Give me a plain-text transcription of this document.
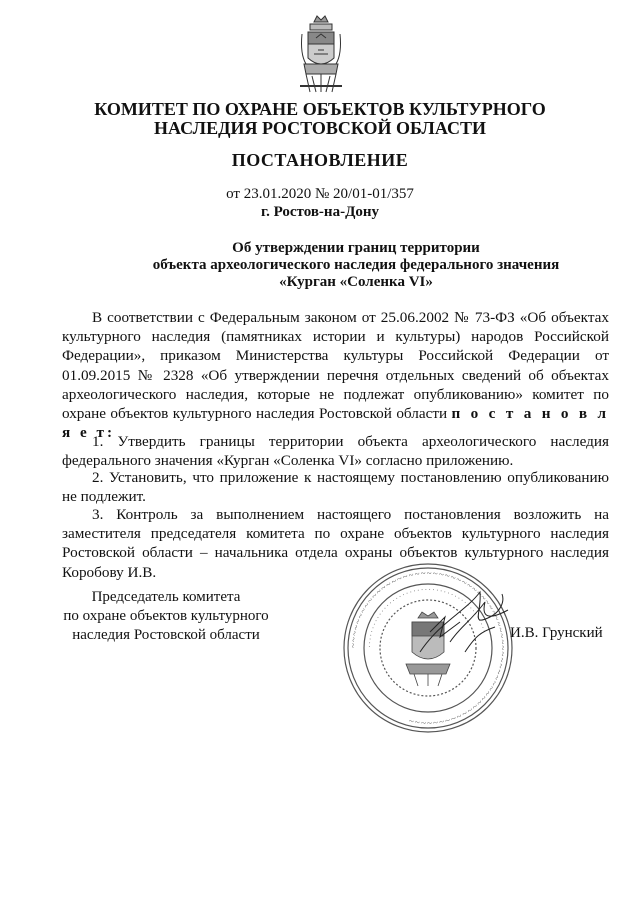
КОМИТЕТ ПО ОХРАНЕ ОБЪЕКТОВ КУЛЬТУРНОГО
НАСЛЕДИЯ РОСТОВСКОЙ ОБЛАСТИ
ПОСТАНОВЛЕНИЕ
от 23.01.2020 № 20/01-01/357
г. Ростов-на-Дону
Об утверждении границ территории
объекта археологического наследия федерального значения
«Курган «Соленка VI»
В соответствии с Федеральным законом от 25.06.2002 № 73-ФЗ «Об объектах культурного наследия (памятниках истории и культуры) народов Российской Федерации», приказом Министерства культуры Российской Федерации от 01.09.2015 № 2328 «Об утверждении перечня отдельных сведений об объектах археологического наследия, которые не подлежат опубликованию» комитет по охране объектов культурного наследия Ростовской области п о с т а н о в л я е т:
1. Утвердить границы территории объекта археологического наследия федерального значения «Курган «Соленка VI» согласно приложению.
2. Установить, что приложение к настоящему постановлению опубликованию не подлежит.
3. Контроль за выполнением настоящего постановления возложить на заместителя председателя комитета по охране объектов культурного наследия Ростовской области – начальника отдела охраны объектов культурного наследия Коробову И.В.
Председатель комитета
по охране объектов культурного
наследия Ростовской области
~~~~~~~~~~~~~~~~~~~~~~~~~~~~~~~~~~~~~~~~~~~~~~~~~~~~~~~~~~~~~
············································ И.В. Грунский
